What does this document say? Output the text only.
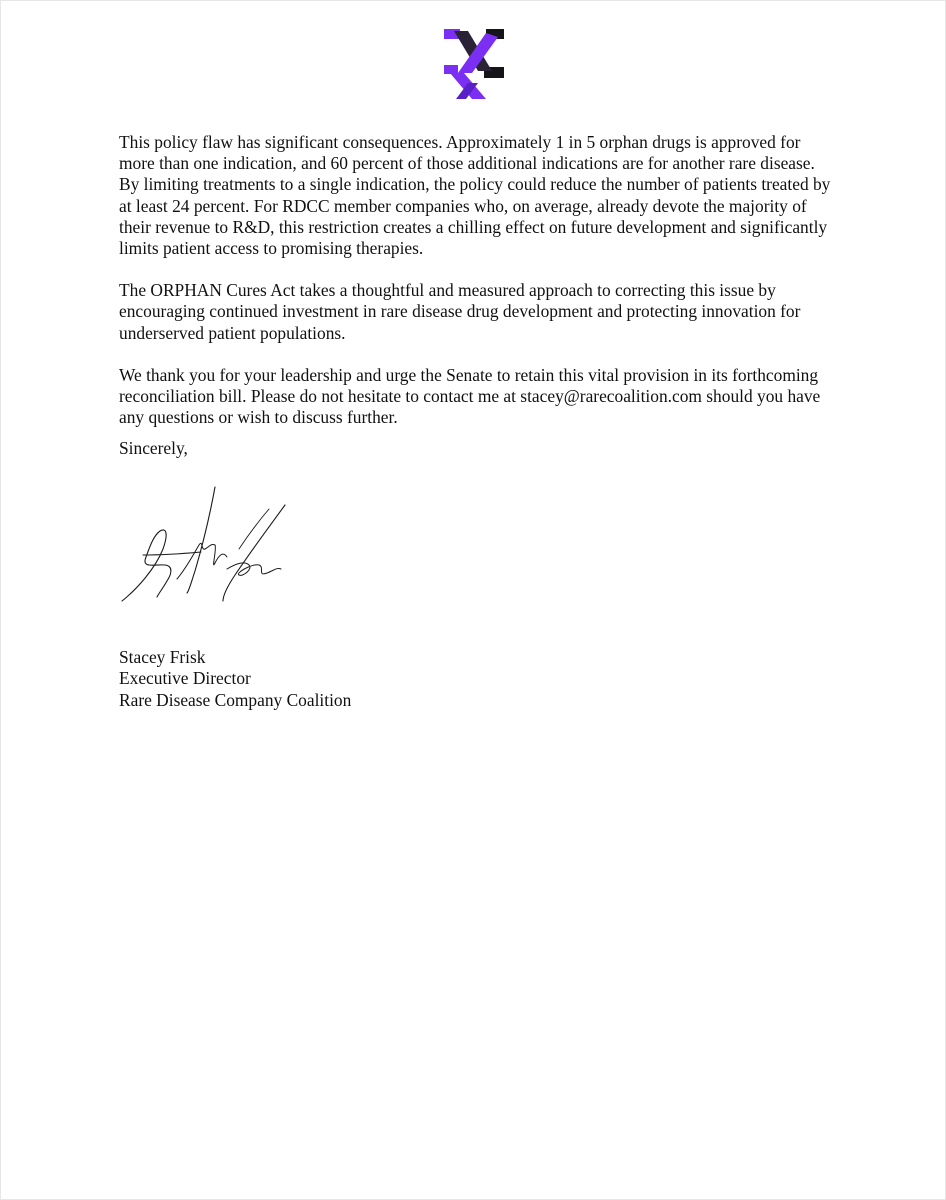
This policy flaw has significant consequences. Approximately 1 in 5 orphan drugs is approved for more than one indication, and 60 percent of those additional indications are for another rare disease. By limiting treatments to a single indication, the policy could reduce the number of patients treated by at least 24 percent. For RDCC member companies who, on average, already devote the majority of their revenue to R&D, this restriction creates a chilling effect on future development and significantly limits patient access to promising therapies.

The ORPHAN Cures Act takes a thoughtful and measured approach to correcting this issue by encouraging continued investment in rare disease drug development and protecting innovation for underserved patient populations.

We thank you for your leadership and urge the Senate to retain this vital provision in its forthcoming reconciliation bill. Please do not hesitate to contact me at stacey@rarecoalition.com should you have any questions or wish to discuss further.

Sincerely,

Stacey Frisk
Executive Director
Rare Disease Company Coalition
